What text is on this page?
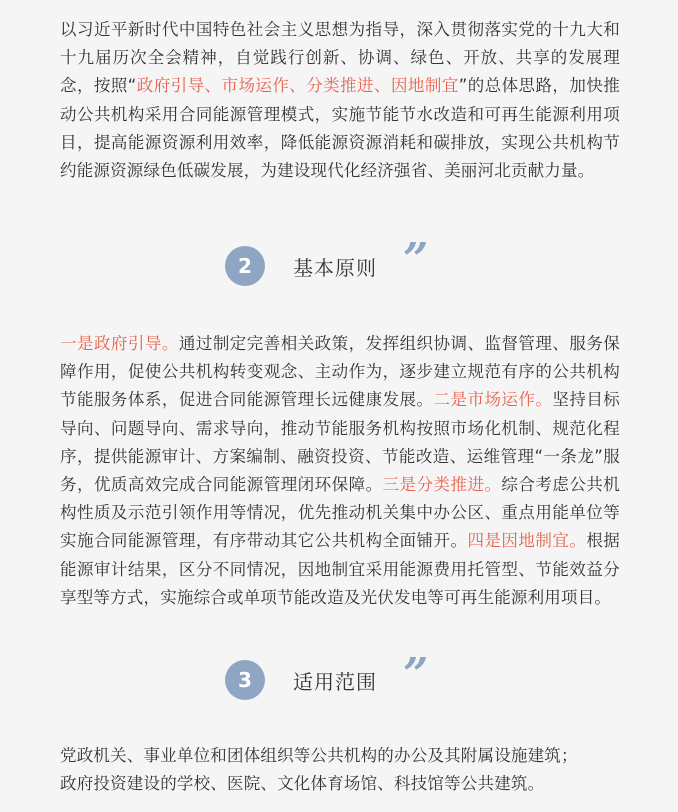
以习近平新时代中国特色社会主义思想为指导，深入贯彻落实党的十九大和十九届历次全会精神，自觉践行创新、协调、绿色、开放、共享的发展理念，按照“政府引导、市场运作、分类推进、因地制宜”的总体思路，加快推动公共机构采用合同能源管理模式，实施节能节水改造和可再生能源利用项目，提高能源资源利用效率，降低能源资源消耗和碳排放，实现公共机构节约能源资源绿色低碳发展，为建设现代化经济强省、美丽河北贡献力量。
2	基本原则 ”
一是政府引导。通过制定完善相关政策，发挥组织协调、监督管理、服务保障作用，促使公共机构转变观念、主动作为，逐步建立规范有序的公共机构节能服务体系，促进合同能源管理长远健康发展。二是市场运作。坚持目标导向、问题导向、需求导向，推动节能服务机构按照市场化机制、规范化程序，提供能源审计、方案编制、融资投资、节能改造、运维管理“一条龙”服务，优质高效完成合同能源管理闭环保障。三是分类推进。综合考虑公共机构性质及示范引领作用等情况，优先推动机关集中办公区、重点用能单位等实施合同能源管理，有序带动其它公共机构全面铺开。四是因地制宜。根据能源审计结果，区分不同情况，因地制宜采用能源费用托管型、节能效益分享型等方式，实施综合或单项节能改造及光伏发电等可再生能源利用项目。
3	适用范围 ”
党政机关、事业单位和团体组织等公共机构的办公及其附属设施建筑；
政府投资建设的学校、医院、文化体育场馆、科技馆等公共建筑。
